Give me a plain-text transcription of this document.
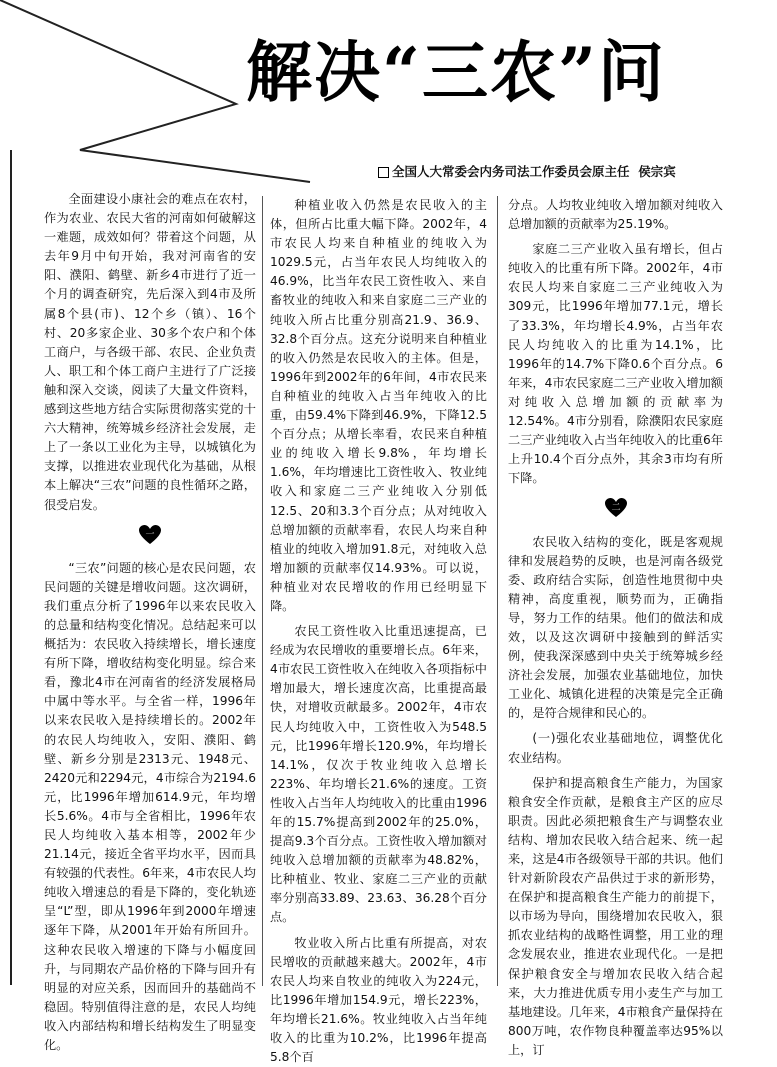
解决“三农”问
全国人大常委会内务司法工作委员会原主任 侯宗宾

全面建设小康社会的难点在农村，作为农业、农民大省的河南如何破解这一难题，成效如何？带着这个问题，从去年9月中旬开始，我对河南省的安阳、濮阳、鹤壁、新乡4市进行了近一个月的调查研究，先后深入到4市及所属8个县(市)、12个乡（镇）、16个村、20多家企业、30多个农户和个体工商户，与各级干部、农民、企业负责人、职工和个体工商户主进行了广泛接触和深入交谈，阅读了大量文件资料，感到这些地方结合实际贯彻落实党的十六大精神，统筹城乡经济社会发展，走上了一条以工业化为主导，以城镇化为支撑，以推进农业现代化为基础，从根本上解决“三农”问题的良性循环之路，很受启发。

一

“三农”问题的核心是农民问题，农民问题的关键是增收问题。这次调研，我们重点分析了1996年以来农民收入的总量和结构变化情况。总结起来可以概括为：农民收入持续增长，增长速度有所下降，增收结构变化明显。综合来看，豫北4市在河南省的经济发展格局中属中等水平。与全省一样，1996年以来农民收入是持续增长的。2002年的农民人均纯收入，安阳、濮阳、鹤壁、新乡分别是2313元、1948元、2420元和2294元，4市综合为2194.6元，比1996年增加614.9元，年均增长5.6%。4市与全省相比，1996年农民人均纯收入基本相等，2002年少21.14元，接近全省平均水平，因而具有较强的代表性。6年来，4市农民人均纯收入增速总的看是下降的，变化轨迹呈“L”型，即从1996年到2000年增速逐年下降，从2001年开始有所回升。这种农民收入增速的下降与小幅度回升，与同期农产品价格的下降与回升有明显的对应关系，因而回升的基础尚不稳固。特别值得注意的是，农民人均纯收入内部结构和增长结构发生了明显变化。

种植业收入仍然是农民收入的主体，但所占比重大幅下降。2002年，4市农民人均来自种植业的纯收入为1029.5元，占当年农民人均纯收入的46.9%，比当年农民工资性收入、来自畜牧业的纯收入和来自家庭二三产业的纯收入所占比重分别高21.9、36.9、32.8个百分点。这充分说明来自种植业的收入仍然是农民收入的主体。但是，1996年到2002年的6年间，4市农民来自种植业的纯收入占当年纯收入的比重，由59.4%下降到46.9%，下降12.5个百分点；从增长率看，农民来自种植业的纯收入增长9.8%，年均增长1.6%，年均增速比工资性收入、牧业纯收入和家庭二三产业纯收入分别低12.5、20和3.3个百分点；从对纯收入总增加额的贡献率看，农民人均来自种植业的纯收入增加91.8元，对纯收入总增加额的贡献率仅14.93%。可以说，种植业对农民增收的作用已经明显下降。

农民工资性收入比重迅速提高，已经成为农民增收的重要增长点。6年来，4市农民工资性收入在纯收入各项指标中增加最大，增长速度次高，比重提高最快，对增收贡献最多。2002年，4市农民人均纯收入中，工资性收入为548.5元，比1996年增长120.9%，年均增长14.1%，仅次于牧业纯收入总增长223%、年均增长21.6%的速度。工资性收入占当年人均纯收入的比重由1996年的15.7%提高到2002年的25.0%，提高9.3个百分点。工资性收入增加额对纯收入总增加额的贡献率为48.82%，比种植业、牧业、家庭二三产业的贡献率分别高33.89、23.63、36.28个百分点。

牧业收入所占比重有所提高，对农民增收的贡献越来越大。2002年，4市农民人均来自牧业的纯收入为224元，比1996年增加154.9元，增长223%，年均增长21.6%。牧业纯收入占当年纯收入的比重为10.2%，比1996年提高5.8个百

分点。人均牧业纯收入增加额对纯收入总增加额的贡献率为25.19%。

家庭二三产业收入虽有增长，但占纯收入的比重有所下降。2002年，4市农民人均来自家庭二三产业纯收入为309元，比1996年增加77.1元，增长了33.3%，年均增长4.9%，占当年农民人均纯收入的比重为14.1%，比1996年的14.7%下降0.6个百分点。6年来，4市农民家庭二三产业收入增加额对纯收入总增加额的贡献率为12.54%。4市分别看，除濮阳农民家庭二三产业纯收入占当年纯收入的比重6年上升10.4个百分点外，其余3市均有所下降。

二

农民收入结构的变化，既是客观规律和发展趋势的反映，也是河南各级党委、政府结合实际，创造性地贯彻中央精神，高度重视，顺势而为，正确指导，努力工作的结果。他们的做法和成效，以及这次调研中接触到的鲜活实例，使我深深感到中央关于统筹城乡经济社会发展，加强农业基础地位，加快工业化、城镇化进程的决策是完全正确的，是符合规律和民心的。

(一)强化农业基础地位，调整优化农业结构。

保护和提高粮食生产能力，为国家粮食安全作贡献，是粮食主产区的应尽职责。因此必须把粮食生产与调整农业结构、增加农民收入结合起来、统一起来，这是4市各级领导干部的共识。他们针对新阶段农产品供过于求的新形势，在保护和提高粮食生产能力的前提下，以市场为导向，围绕增加农民收入，狠抓农业结构的战略性调整，用工业的理念发展农业，推进农业现代化。一是把保护粮食安全与增加农民收入结合起来，大力推进优质专用小麦生产与加工基地建设。几年来，4市粮食产量保持在800万吨，农作物良种覆盖率达95%以上，订
